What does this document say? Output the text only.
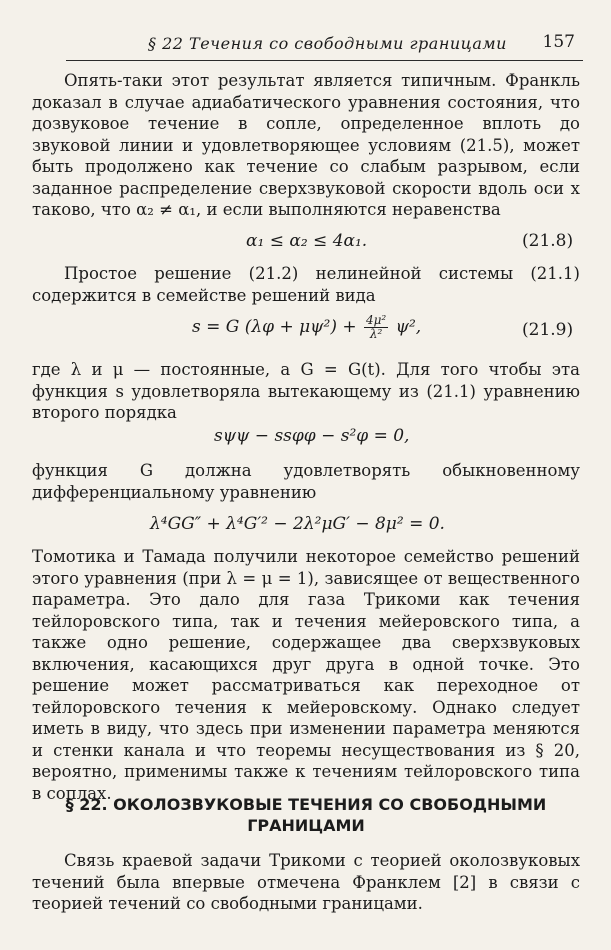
§ 22 Течения со свободными границами 157
Опять-таки этот результат является типичным. Франкль доказал в случае адиабатического уравнения состояния, что дозвуковое течение в сопле, определенное вплоть до звуковой линии и удовлетворяющее условиям (21.5), может быть продолжено как течение со слабым разрывом, если заданное распределение сверхзвуковой скорости вдоль оси x таково, что α₂ ≠ α₁, и если выполняются неравенства
α₁ ≤ α₂ ≤ 4α₁.	(21.8)
Простое решение (21.2) нелинейной системы (21.1) содержится в семействе решений вида
s = G $(\lambda\varphi + \mu\psi^2) + \frac{\text{4μ²}}{\text{λ²}} \psi^2$,	(21.9)
где λ и μ — постоянные, а G = G(t). Для того чтобы эта функция s удовлетворяла вытекающему из (21.1) уравнению второго порядка
sψψ − ssφφ − s²φ = 0,
функция G должна удовлетворять обыкновенному дифференциальному уравнению
λ⁴GG″ + λ⁴G′² − 2λ²μG′ − 8μ² = 0.
Томотика и Тамада получили некоторое семейство решений этого уравнения (при λ = μ = 1), зависящее от вещественного параметра. Это дало для газа Трикоми как течения тейлоровского типа, так и течения мейеровского типа, а также одно решение, содержащее два сверхзвуковых включения, касающихся друг друга в одной точке. Это решение может рассматриваться как переходное от тейлоровского течения к мейеровскому. Однако следует иметь в виду, что здесь при изменении параметра меняются и стенки канала и что теоремы несуществования из § 20, вероятно, применимы также к течениям тейлоровского типа в соплах.
§ 22. ОКОЛОЗВУКОВЫЕ ТЕЧЕНИЯ СО СВОБОДНЫМИ
ГРАНИЦАМИ
Связь краевой задачи Трикоми с теорией околозвуковых течений была впервые отмечена Франклем [2] в связи с теорией течений со свободными границами.
